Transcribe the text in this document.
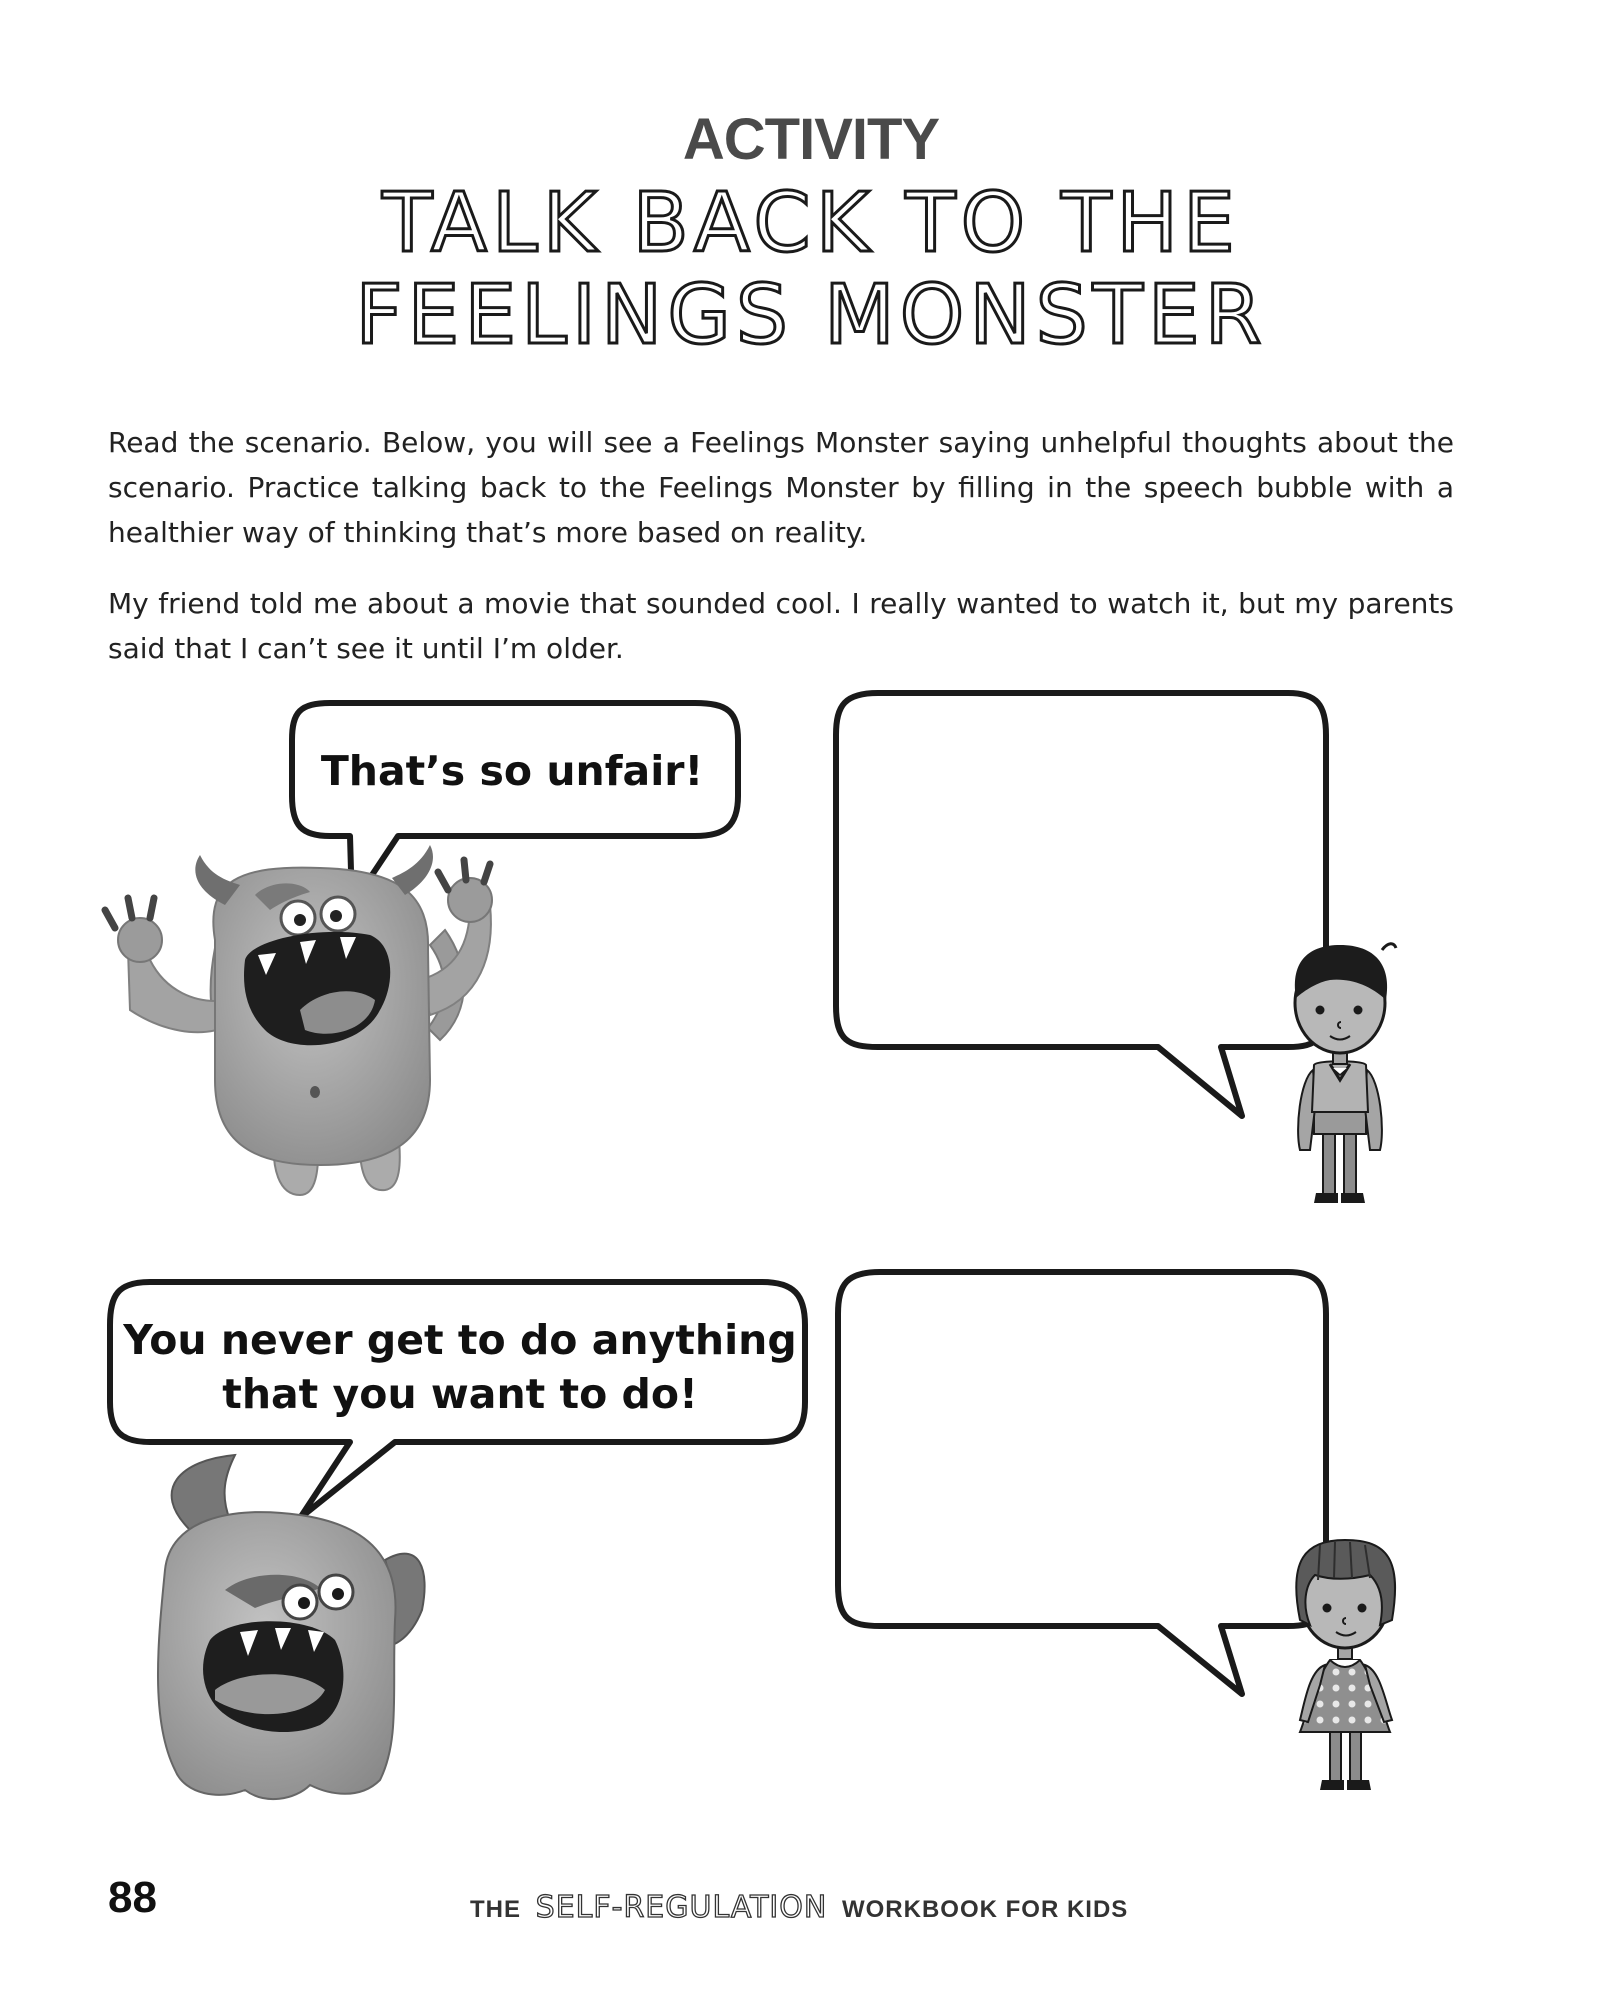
ACTIVITY
TALK BACK TO THE
FEELINGS MONSTER

Read the scenario. Below, you will see a Feelings Monster saying unhelpful thoughts about the scenario. Practice talking back to the Feelings Monster by filling in the speech bubble with a healthier way of thinking that’s more based on reality.

My friend told me about a movie that sounded cool. I really wanted to watch it, but my parents said that I can’t see it until I’m older.

That’s so unfair!
You never get to do anything that you want to do!
88	THE SELF-REGULATION WORKBOOK FOR KIDS
